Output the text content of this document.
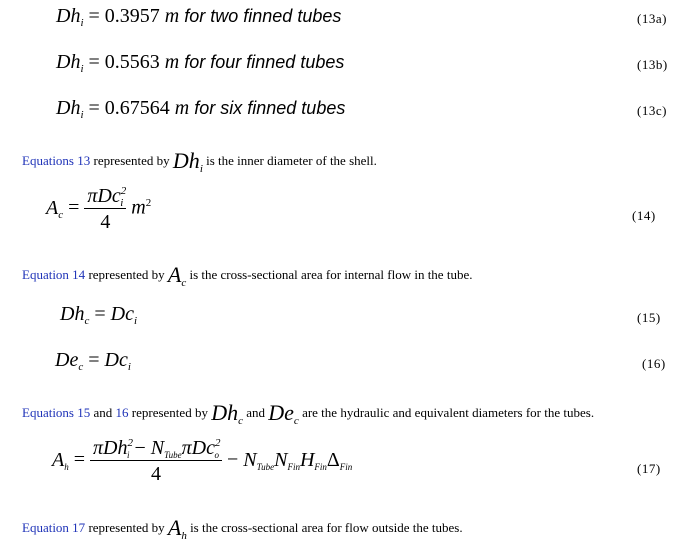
$Dh_i = 0.3957$ m for two finned tubes	(13a)
$Dh_i = 0.5563$ m for four finned tubes	(13b)
$Dh_i = 0.67564$ m for six finned tubes	(13c)
Equations 13 represented by $Dh_i$ is the inner diameter of the shell.
$A_c = \frac{\pi Dc^2_i}{4} m^2$
(14)
Equation 14 represented by $A_c$ is the cross-sectional area for internal flow in the tube.
$Dh_c = Dc_i$	(15)
$De_c = Dc_i$	(16)
Equations 15 and 16 represented by $Dh_c$ and $De_c$ are the hydraulic and equivalent diameters for the tubes.
$A_h = \frac{\pi Dh^2_i - N_{Tube}\pi Dc^2_o}{4} - N_{Tube}N_{Fin}H_{Fin}\Delta_{Fin}$	(17)
Equation 17 represented by $A_h$ is the cross-sectional area for flow outside the tubes.
